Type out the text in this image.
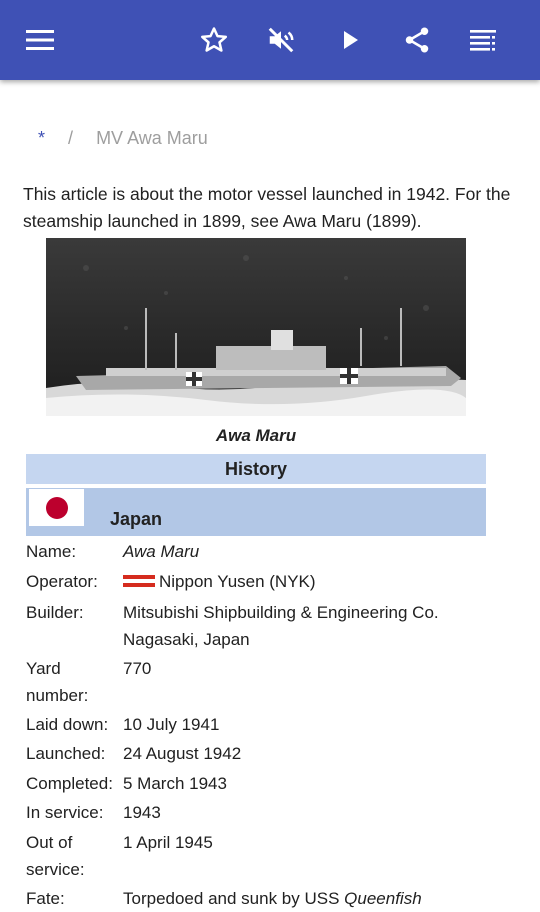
* / MV Awa Maru
This article is about the motor vessel launched in 1942. For the steamship launched in 1899, see Awa Maru (1899).
Awa Maru
History
Japan
Name:	Awa Maru
Operator:	Nippon Yusen (NYK)
Builder:	Mitsubishi Shipbuilding & Engineering Co. Nagasaki, Japan
Yard number:
770
Laid down: 10 July 1941
Launched:	24 August 1942
Completed: 5 March 1943
In service:	1943
Out of service:
1 April 1945
Fate:	Torpedoed and sunk by USS Queenfish
